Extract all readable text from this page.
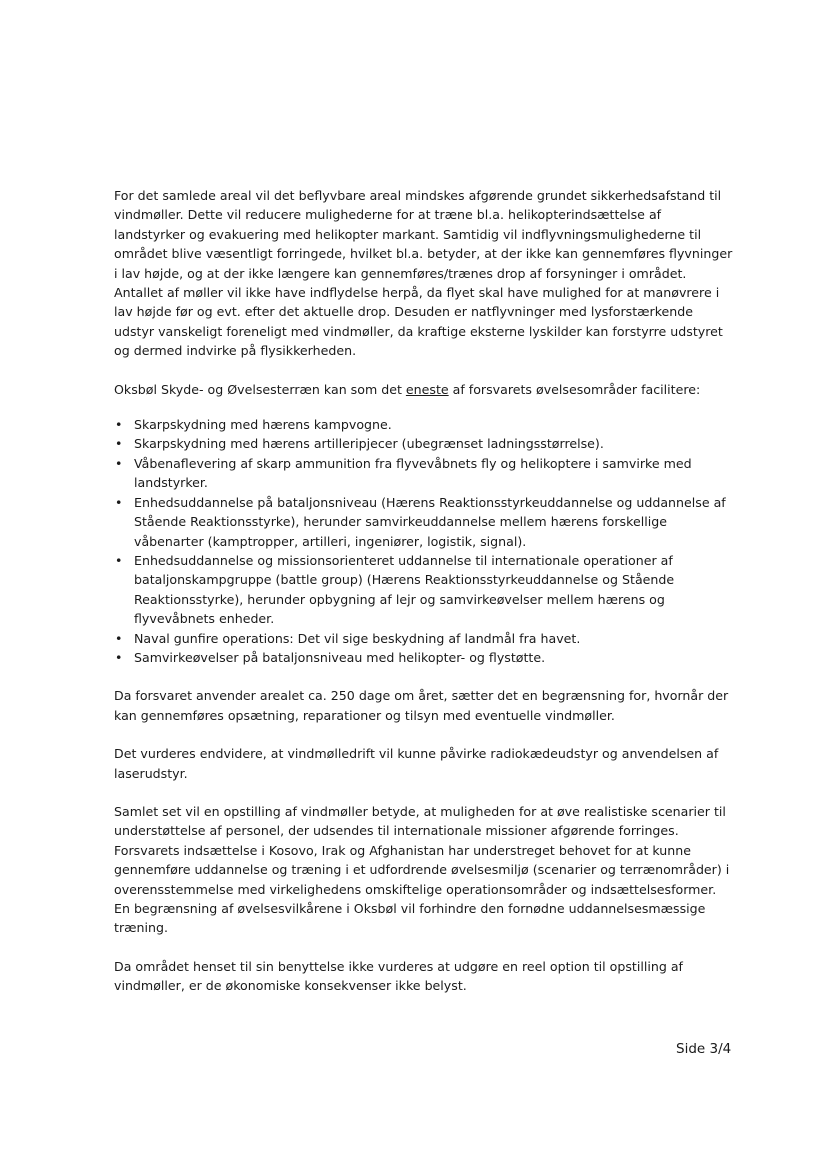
For det samlede areal vil det beflyvbare areal mindskes afgørende grundet sikkerhedsafstand til vindmøller. Dette vil reducere mulighederne for at træne bl.a. helikopterindsættelse af landstyrker og evakuering med helikopter markant. Samtidig vil indflyvningsmulighederne til området blive væsentligt forringede, hvilket bl.a. betyder, at der ikke kan gennemføres flyvninger i lav højde, og at der ikke længere kan gennemføres/trænes drop af forsyninger i området. Antallet af møller vil ikke have indflydelse herpå, da flyet skal have mulighed for at manøvrere i lav højde før og evt. efter det aktuelle drop. Desuden er natflyvninger med lysforstærkende udstyr vanskeligt foreneligt med vindmøller, da kraftige eksterne lyskilder kan forstyrre udstyret og dermed indvirke på flysikkerheden.

Oksbøl Skyde- og Øvelsesterræn kan som det eneste af forsvarets øvelsesområder facilitere:

• Skarpskydning med hærens kampvogne.
• Skarpskydning med hærens artilleripjecer (ubegrænset ladningsstørrelse).
• Våbenaflevering af skarp ammunition fra flyvevåbnets fly og helikoptere i samvirke med landstyrker.
• Enhedsuddannelse på bataljonsniveau (Hærens Reaktionsstyrkeuddannelse og uddannelse af Stående Reaktionsstyrke), herunder samvirkeuddannelse mellem hærens forskellige våbenarter (kamptropper, artilleri, ingeniører, logistik, signal).
• Enhedsuddannelse og missionsorienteret uddannelse til internationale operationer af bataljonskampgruppe (battle group) (Hærens Reaktionsstyrkeuddannelse og Stående Reaktionsstyrke), herunder opbygning af lejr og samvirkeøvelser mellem hærens og flyvevåbnets enheder.
• Naval gunfire operations: Det vil sige beskydning af landmål fra havet.
• Samvirkeøvelser på bataljonsniveau med helikopter- og flystøtte.

Da forsvaret anvender arealet ca. 250 dage om året, sætter det en begrænsning for, hvornår der kan gennemføres opsætning, reparationer og tilsyn med eventuelle vindmøller.

Det vurderes endvidere, at vindmølledrift vil kunne påvirke radiokædeudstyr og anvendelsen af laserudstyr.

Samlet set vil en opstilling af vindmøller betyde, at muligheden for at øve realistiske scenarier til understøttelse af personel, der udsendes til internationale missioner afgørende forringes. Forsvarets indsættelse i Kosovo, Irak og Afghanistan har understreget behovet for at kunne gennemføre uddannelse og træning i et udfordrende øvelsesmiljø (scenarier og terrænområder) i overensstemmelse med virkelighedens omskiftelige operationsområder og indsættelsesformer. En begrænsning af øvelsesvilkårene i Oksbøl vil forhindre den fornødne uddannelsesmæssige træning.

Da området henset til sin benyttelse ikke vurderes at udgøre en reel option til opstilling af vindmøller, er de økonomiske konsekvenser ikke belyst.

Side 3/4
